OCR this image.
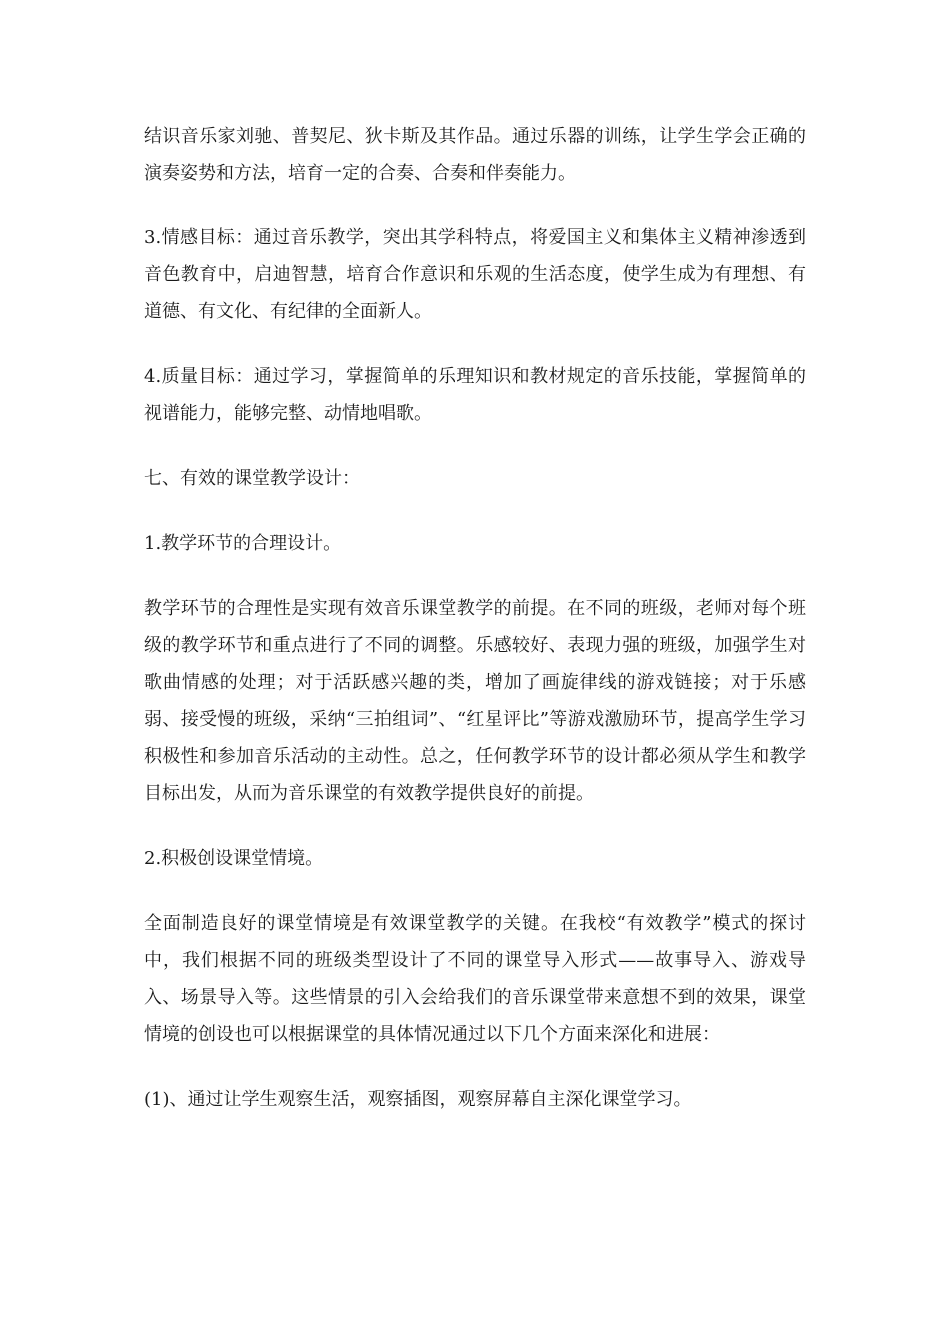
结识音乐家刘驰、普契尼、狄卡斯及其作品。通过乐器的训练，让学生学会正确的演奏姿势和方法，培育一定的合奏、合奏和伴奏能力。

3.情感目标：通过音乐教学，突出其学科特点，将爱国主义和集体主义精神渗透到音色教育中，启迪智慧，培育合作意识和乐观的生活态度，使学生成为有理想、有道德、有文化、有纪律的全面新人。

4.质量目标：通过学习，掌握简单的乐理知识和教材规定的音乐技能，掌握简单的视谱能力，能够完整、动情地唱歌。

七、有效的课堂教学设计：

1.教学环节的合理设计。

教学环节的合理性是实现有效音乐课堂教学的前提。在不同的班级，老师对每个班级的教学环节和重点进行了不同的调整。乐感较好、表现力强的班级，加强学生对歌曲情感的处理；对于活跃感兴趣的类，增加了画旋律线的游戏链接；对于乐感弱、接受慢的班级，采纳“三拍组词”、“红星评比”等游戏激励环节，提高学生学习积极性和参加音乐活动的主动性。总之，任何教学环节的设计都必须从学生和教学目标出发，从而为音乐课堂的有效教学提供良好的前提。

2.积极创设课堂情境。

全面制造良好的课堂情境是有效课堂教学的关键。在我校“有效教学”模式的探讨中，我们根据不同的班级类型设计了不同的课堂导入形式——故事导入、游戏导入、场景导入等。这些情景的引入会给我们的音乐课堂带来意想不到的效果，课堂情境的创设也可以根据课堂的具体情况通过以下几个方面来深化和进展：

(1)、通过让学生观察生活，观察插图，观察屏幕自主深化课堂学习。
